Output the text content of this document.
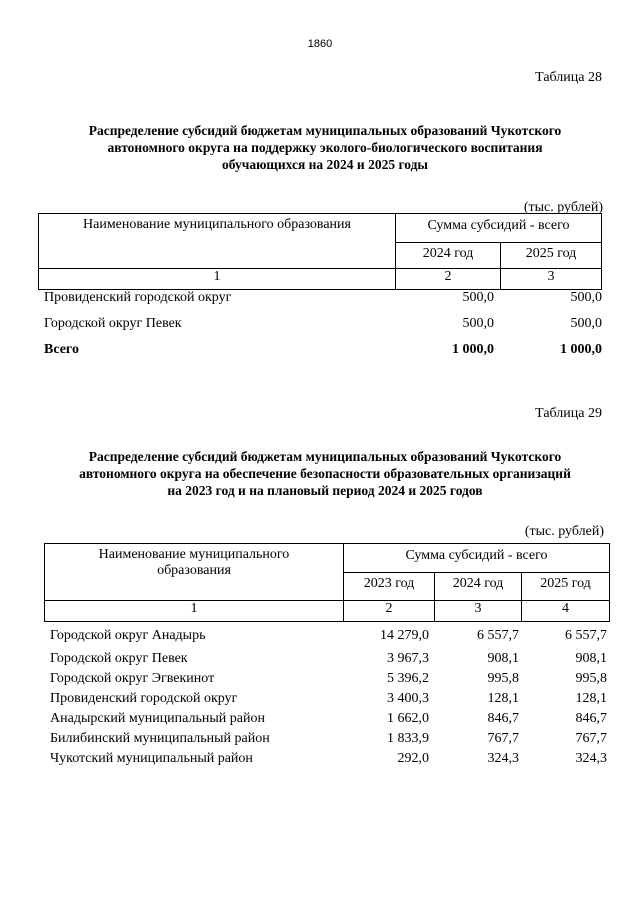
1860
Таблица 28
Распределение субсидий бюджетам муниципальных образований Чукотского
автономного округа на поддержку эколого-биологического воспитания
обучающихся на 2024 и 2025 годы
(тыс. рублей)
Наименование муниципального образования	Сумма субсидий - всего	
	2024 год	2025 год
1	2	3
Провиденский городской округ	500,0	500,0
Городской округ Певек	500,0	500,0
Всего	1 000,0	1 000,0
Таблица 29
Распределение субсидий бюджетам муниципальных образований Чукотского
автономного округа на обеспечение безопасности образовательных организаций
на 2023 год и на плановый период 2024 и 2025 годов
(тыс. рублей)
Наименование муниципального
образования	Сумма субсидий - всего		
	2023 год	2024 год	2025 год
1	2	3	4
Городской округ Анадырь	14 279,0	6 557,7	6 557,7
Городской округ Певек	3 967,3	908,1	908,1
Городской округ Эгвекинот	5 396,2	995,8	995,8
Провиденский городской округ	3 400,3	128,1	128,1
Анадырский муниципальный район	1 662,0	846,7	846,7
Билибинский муниципальный район	1 833,9	767,7	767,7
Чукотский муниципальный район	292,0	324,3	324,3
